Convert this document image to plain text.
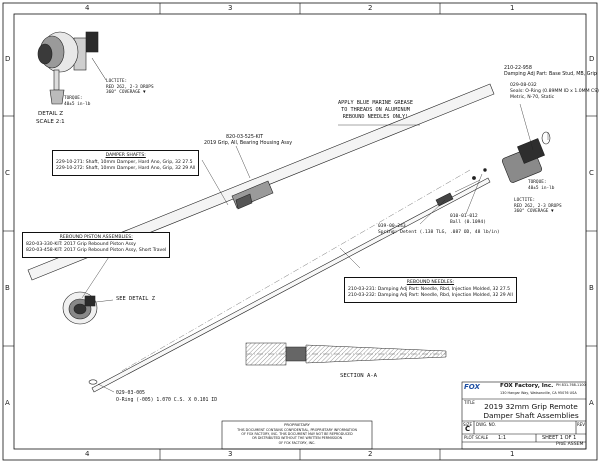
4	3	2	1
4	3	2	1
D
C
B
A
D
C
B
A
DETAIL Z
SCALE 2:1
LOCTITE:
RED 262, 2-3 DROPS
360° COVERAGE ▼
TORQUE:
40±5 in-lb	APPLY BLUE MARINE GREASE
TO THREADS ON ALUMINUM
REBOUND NEEDLES ONLY!
820-03-525-KIT
2019 Grip, All, Bearing Housing Assy
DAMPER SHAFTS:
229-10-271: Shaft, 10mm Damper, Hard Ano, Grip, 32 27.5
229-10-272: Shaft, 10mm Damper, Hard Ano, Grip, 32 29 All
210-22-958
Damping Adj Part: Base Stud, MB, Grip
029-08-032
Seals: O-Ring (0.89MM ID x 1.0MM CS)
Metric, N-70, Static
TORQUE:
40±5 in-lb
LOCTITE:
RED 262, 2-3 DROPS
360° COVERAGE ▼
010-01-012
Ball (0.1094)
039-00-243
Spring: Detent (.138 TLG, .087 OD, 48 lb/in)
REBOUND PISTON ASSEMBLIES:
820-03-330-KIT: 2017 Grip Rebound Piston Assy
820-03-458-KIT: 2017 Grip Rebound Piston Assy, Short Travel
SEE DETAIL Z
REBOUND NEEDLES:
210-03-231: Damping Adj Part: Needle, Rbd, Injection Molded, 32 27.5
210-03-232: Damping Adj Part: Needle, Rbd, Injection Molded, 32 29 All
029-03-005
O-Ring (-005) 1.070 C.S. X 0.101 ID
SECTION A-A
PROPRIETARY
THIS DOCUMENT CONTAINS CONFIDENTIAL, PROPRIETARY INFORMATION
OF FOX FACTORY, INC. THIS DOCUMENT MAY NOT BE REPRODUCED
OR DISTRIBUTED WITHOUT THE WRITTEN PERMISSION
OF FOX FACTORY, INC.
FOX	FOX Factory, Inc.
130 Hangar Way, Watsonville, CA 95076 USA
PH 831-768-1100
TITLE	2019 32mm Grip Remote
Damper Shaft Assemblies
SIZE
C
DWG. NO.	REV
PLOT SCALE 1:1	SHEET 1 OF 1
ProE ASSEM
